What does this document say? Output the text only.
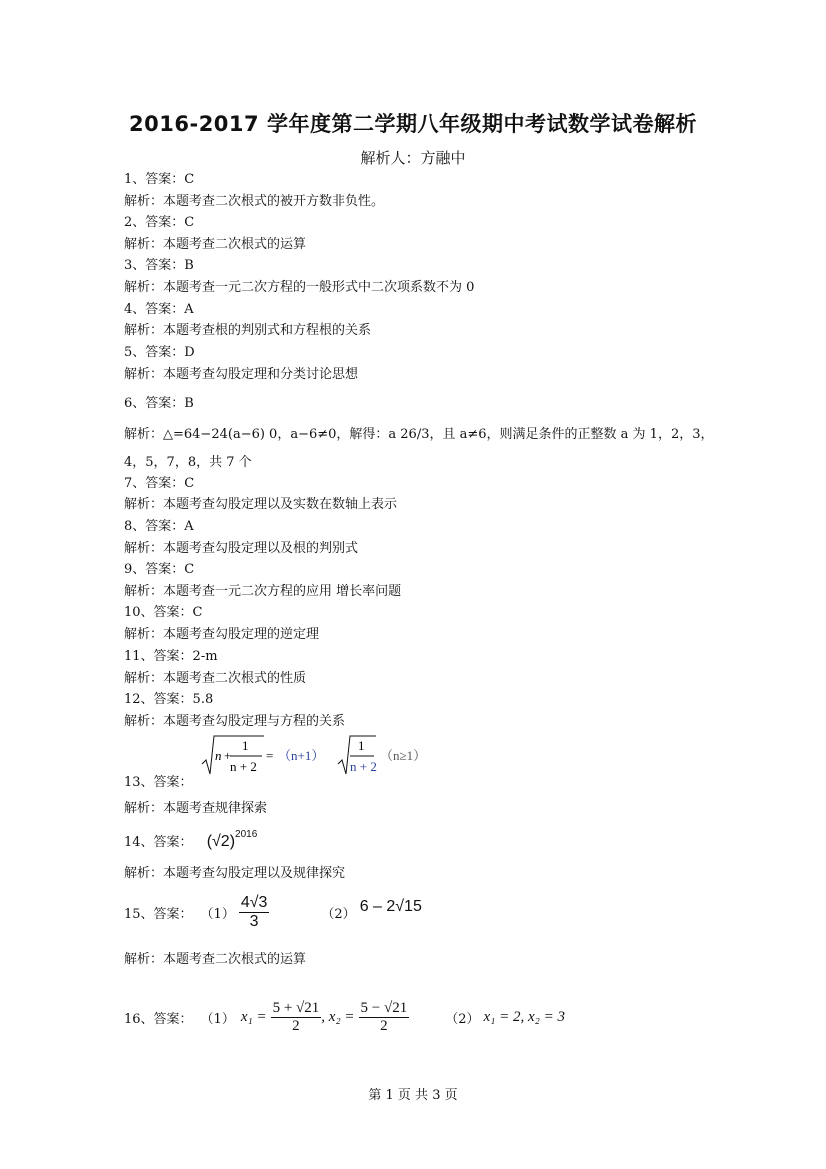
2016-2017 学年度第二学期八年级期中考试数学试卷解析
解析人：方融中
1、答案：C
解析：本题考查二次根式的被开方数非负性。
2、答案：C
解析：本题考查二次根式的运算
3、答案：B
解析：本题考查一元二次方程的一般形式中二次项系数不为 0
4、答案：A
解析：本题考查根的判别式和方程根的关系
5、答案：D
解析：本题考查勾股定理和分类讨论思想
6、答案：B
解析：△=64−24(a−6) 0，a−6≠0，解得：a 26/3，且 a≠6，则满足条件的正整数 a 为 1，2，3，
4，5，7，8，共 7 个
7、答案：C
解析：本题考查勾股定理以及实数在数轴上表示
8、答案：A
解析：本题考查勾股定理以及根的判别式
9、答案：C
解析：本题考查一元二次方程的应用 增长率问题
10、答案：C
解析：本题考查勾股定理的逆定理
11、答案：2-m
解析：本题考查二次根式的性质
12、答案：5.8
解析：本题考查勾股定理与方程的关系
n +
1
n + 2
= （n+1）
1
n + 2
（n≥1）
13、答案：
解析：本题考查规律探索
14、答案： $(√2)^{2016}$
解析：本题考查勾股定理以及规律探究
15、答案： $(1) \frac{4√3}{3}$	（2） 6 – 2√15
解析：本题考查二次根式的运算
16、答案： （1） $x_1 = \frac{5 + √21}{2}$ , $x_2 = \frac{5 - √21}{2}$	（2） x₁ = 2, x₂ = 3
第 1 页 共 3 页
